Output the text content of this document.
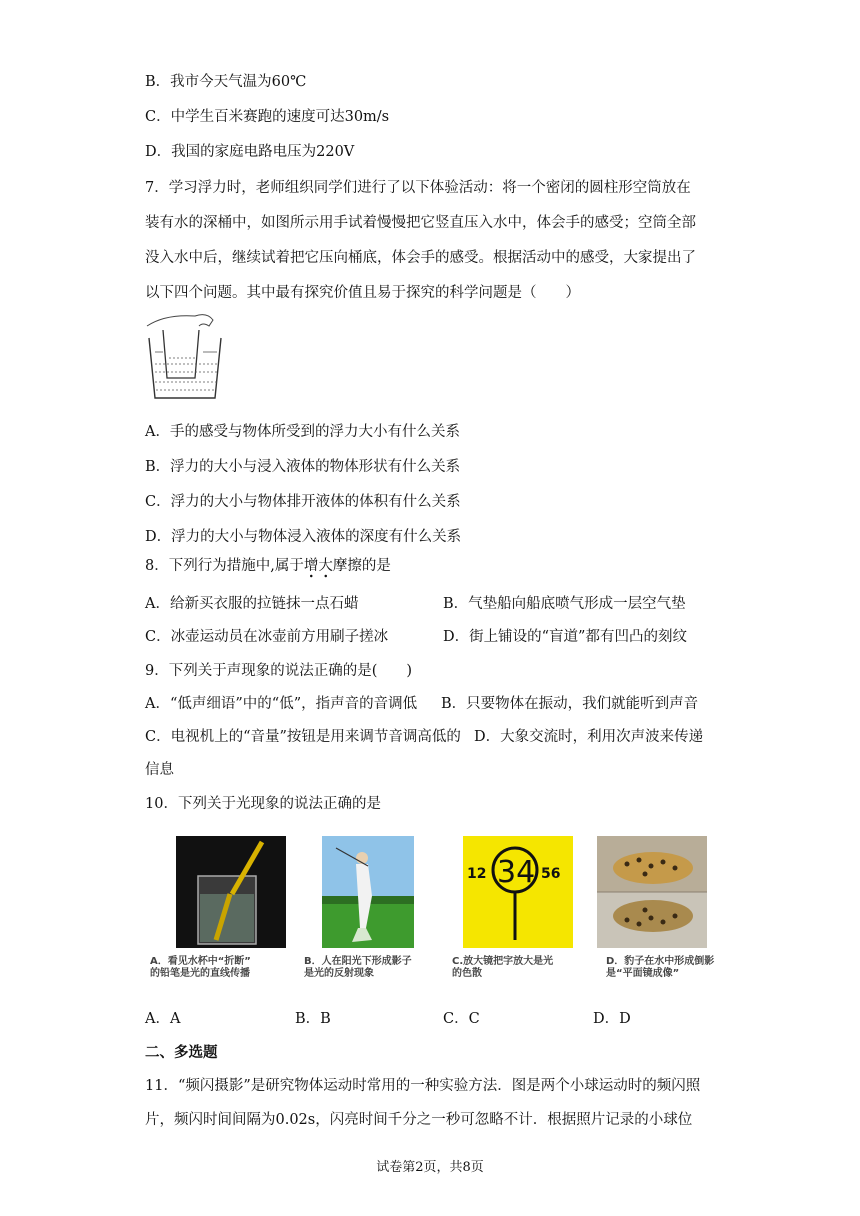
B．我市今天气温为60℃
C．中学生百米赛跑的速度可达30m/s
D．我国的家庭电路电压为220V
7．学习浮力时，老师组织同学们进行了以下体验活动：将一个密闭的圆柱形空筒放在
装有水的深桶中，如图所示用手试着慢慢把它竖直压入水中，体会手的感受；空筒全部
没入水中后，继续试着把它压向桶底，体会手的感受。根据活动中的感受，大家提出了
以下四个问题。其中最有探究价值且易于探究的科学问题是（　　）
A．手的感受与物体所受到的浮力大小有什么关系
B．浮力的大小与浸入液体的物体形状有什么关系
C．浮力的大小与物体排开液体的体积有什么关系
D．浮力的大小与物体浸入液体的深度有什么关系
8．下列行为措施中,属于增大摩擦的是
A．给新买衣服的拉链抹一点石蜡	B．气垫船向船底喷气形成一层空气垫
C．冰壶运动员在冰壶前方用刷子搓冰	D．街上铺设的“盲道”都有凹凸的刻纹
9．下列关于声现象的说法正确的是(　　)
A．“低声细语”中的“低”，指声音的音调低 B．只要物体在振动，我们就能听到声音
C．电视机上的“音量”按钮是用来调节音调高低的 D．大象交流时，利用次声波来传递
信息
10．下列关于光现象的说法正确的是
A．看见水杯中“折断”
的铅笔是光的直线传播
B．人在阳光下形成影子
是光的反射现象
12 34 56
C.放大镜把字放大是光
的色散
D．豹子在水中形成倒影
是“平面镜成像”
A．A	B．B	C．C	D．D
二、多选题
11．“频闪摄影”是研究物体运动时常用的一种实验方法．图是两个小球运动时的频闪照
片，频闪时间间隔为0.02s，闪亮时间千分之一秒可忽略不计．根据照片记录的小球位
试卷第2页，共8页
